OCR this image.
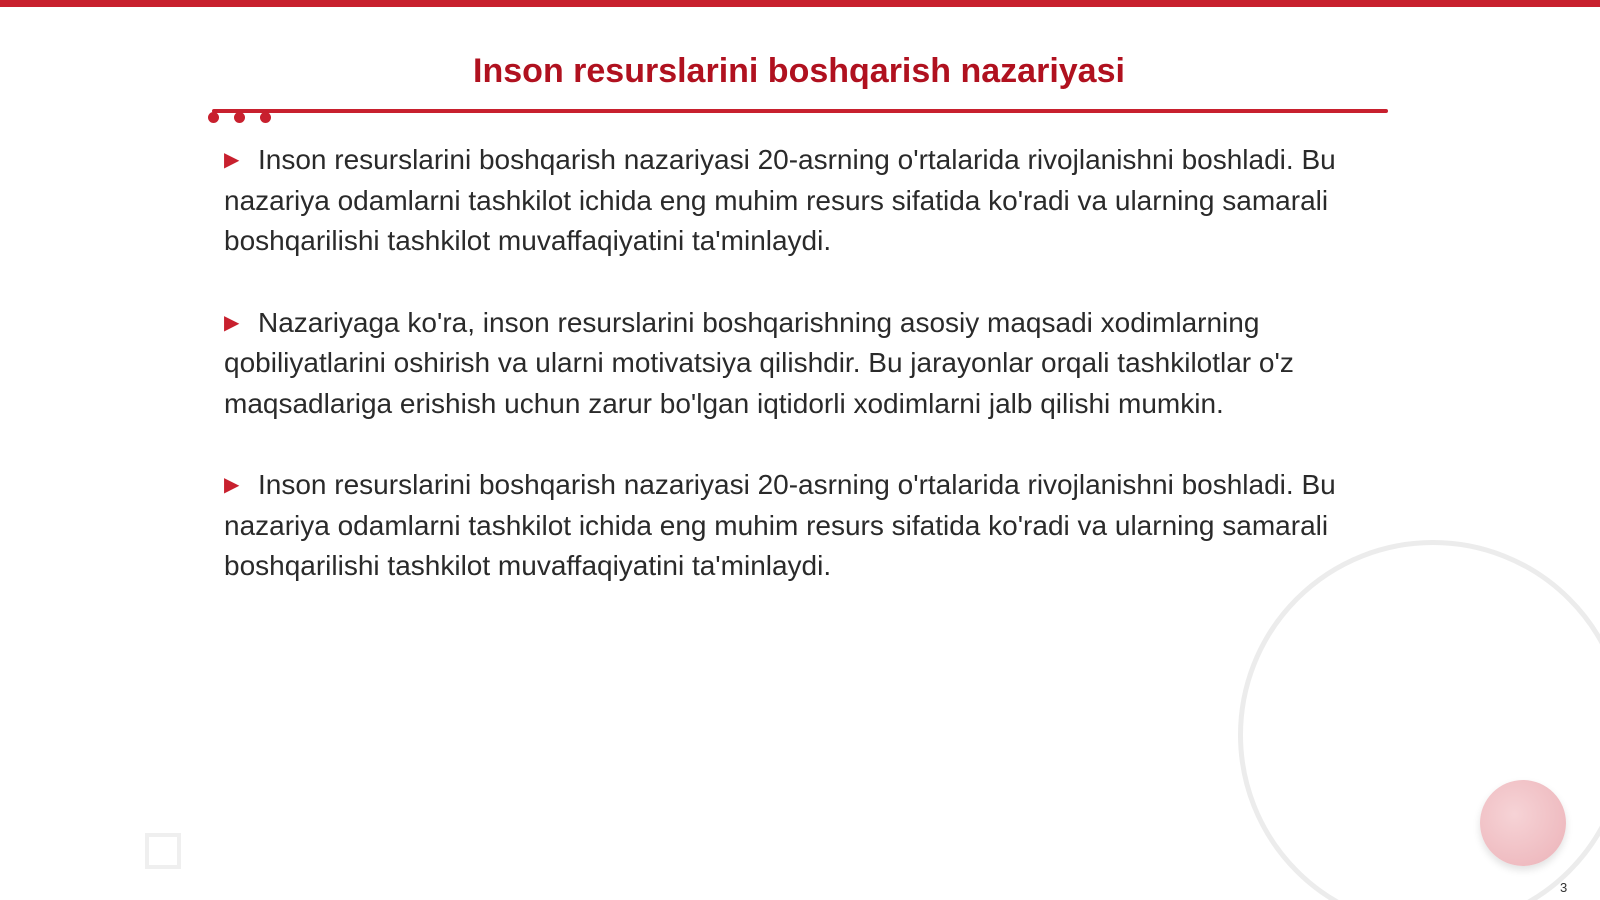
Inson resurslarini boshqarish nazariyasi

▶ Inson resurslarini boshqarish nazariyasi 20-asrning o'rtalarida rivojlanishni boshladi. Bu nazariya odamlarni tashkilot ichida eng muhim resurs sifatida ko'radi va ularning samarali boshqarilishi tashkilot muvaffaqiyatini ta'minlaydi.

▶ Nazariyaga ko'ra, inson resurslarini boshqarishning asosiy maqsadi xodimlarning qobiliyatlarini oshirish va ularni motivatsiya qilishdir. Bu jarayonlar orqali tashkilotlar o'z maqsadlariga erishish uchun zarur bo'lgan iqtidorli xodimlarni jalb qilishi mumkin.

▶ Inson resurslarini boshqarish nazariyasi 20-asrning o'rtalarida rivojlanishni boshladi. Bu nazariya odamlarni tashkilot ichida eng muhim resurs sifatida ko'radi va ularning samarali boshqarilishi tashkilot muvaffaqiyatini ta'minlaydi.

3
